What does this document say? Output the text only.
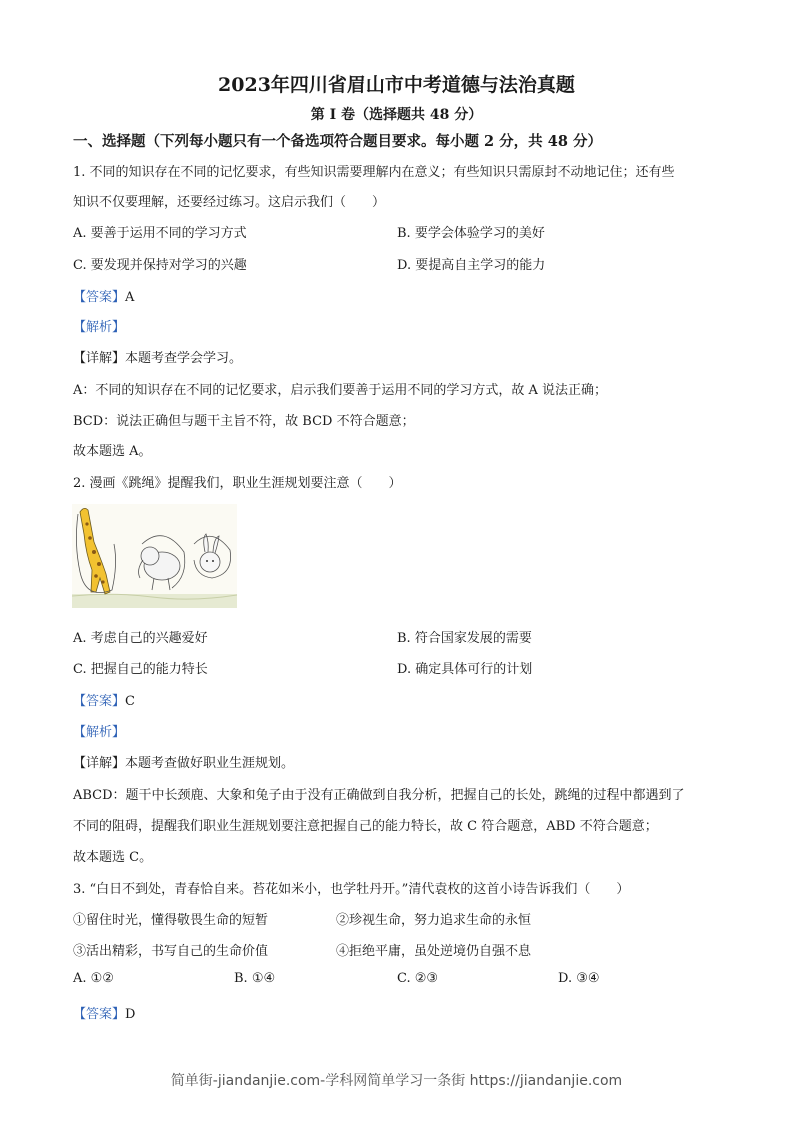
2023年四川省眉山市中考道德与法治真题
第 I 卷（选择题共 48 分）
一、选择题（下列每小题只有一个备选项符合题目要求。每小题 2 分，共 48 分）
1. 不同的知识存在不同的记忆要求，有些知识需要理解内在意义；有些知识只需原封不动地记住；还有些
知识不仅要理解，还要经过练习。这启示我们（　　）
A. 要善于运用不同的学习方式	B. 要学会体验学习的美好
C. 要发现并保持对学习的兴趣	D. 要提高自主学习的能力
【答案】A
【解析】
【详解】本题考查学会学习。
A：不同的知识存在不同的记忆要求，启示我们要善于运用不同的学习方式，故 A 说法正确；
BCD：说法正确但与题干主旨不符，故 BCD 不符合题意；
故本题选 A。
2. 漫画《跳绳》提醒我们，职业生涯规划要注意（　　）
A. 考虑自己的兴趣爱好	B. 符合国家发展的需要
C. 把握自己的能力特长	D. 确定具体可行的计划
【答案】C
【解析】
【详解】本题考查做好职业生涯规划。
ABCD：题干中长颈鹿、大象和兔子由于没有正确做到自我分析，把握自己的长处，跳绳的过程中都遇到了
不同的阻碍，提醒我们职业生涯规划要注意把握自己的能力特长，故 C 符合题意，ABD 不符合题意；
故本题选 C。
3. “白日不到处，青春恰自来。苔花如米小，也学牡丹开。”清代袁枚的这首小诗告诉我们（　　）
①留住时光，懂得敬畏生命的短暂	②珍视生命，努力追求生命的永恒
③活出精彩，书写自己的生命价值	④拒绝平庸，虽处逆境仍自强不息
A. ①②	B. ①④	C. ②③	D. ③④
【答案】D
简单街-jiandanjie.com-学科网简单学习一条街 https://jiandanjie.com
